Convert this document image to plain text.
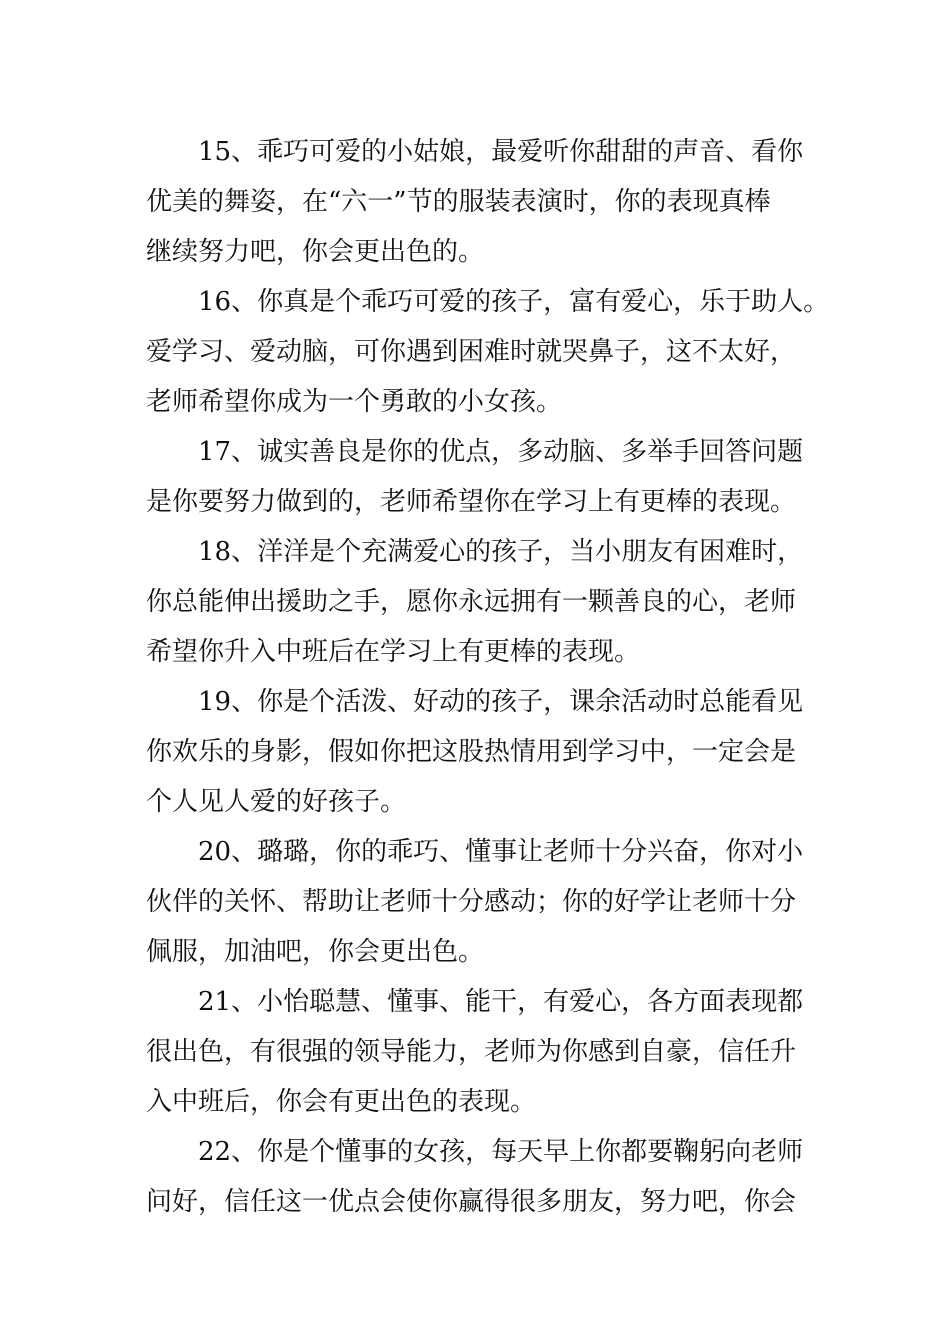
15、乖巧可爱的小姑娘，最爱听你甜甜的声音、看你
优美的舞姿，在“六一”节的服装表演时，你的表现真棒
继续努力吧，你会更出色的。
16、你真是个乖巧可爱的孩子，富有爱心，乐于助人。
爱学习、爱动脑，可你遇到困难时就哭鼻子，这不太好，
老师希望你成为一个勇敢的小女孩。
17、诚实善良是你的优点，多动脑、多举手回答问题
是你要努力做到的，老师希望你在学习上有更棒的表现。
18、洋洋是个充满爱心的孩子，当小朋友有困难时，
你总能伸出援助之手，愿你永远拥有一颗善良的心，老师
希望你升入中班后在学习上有更棒的表现。
19、你是个活泼、好动的孩子，课余活动时总能看见
你欢乐的身影，假如你把这股热情用到学习中，一定会是
个人见人爱的好孩子。
20、璐璐，你的乖巧、懂事让老师十分兴奋，你对小
伙伴的关怀、帮助让老师十分感动；你的好学让老师十分
佩服，加油吧，你会更出色。
21、小怡聪慧、懂事、能干，有爱心，各方面表现都
很出色，有很强的领导能力，老师为你感到自豪，信任升
入中班后，你会有更出色的表现。
22、你是个懂事的女孩，每天早上你都要鞠躬向老师
问好，信任这一优点会使你赢得很多朋友，努力吧，你会
